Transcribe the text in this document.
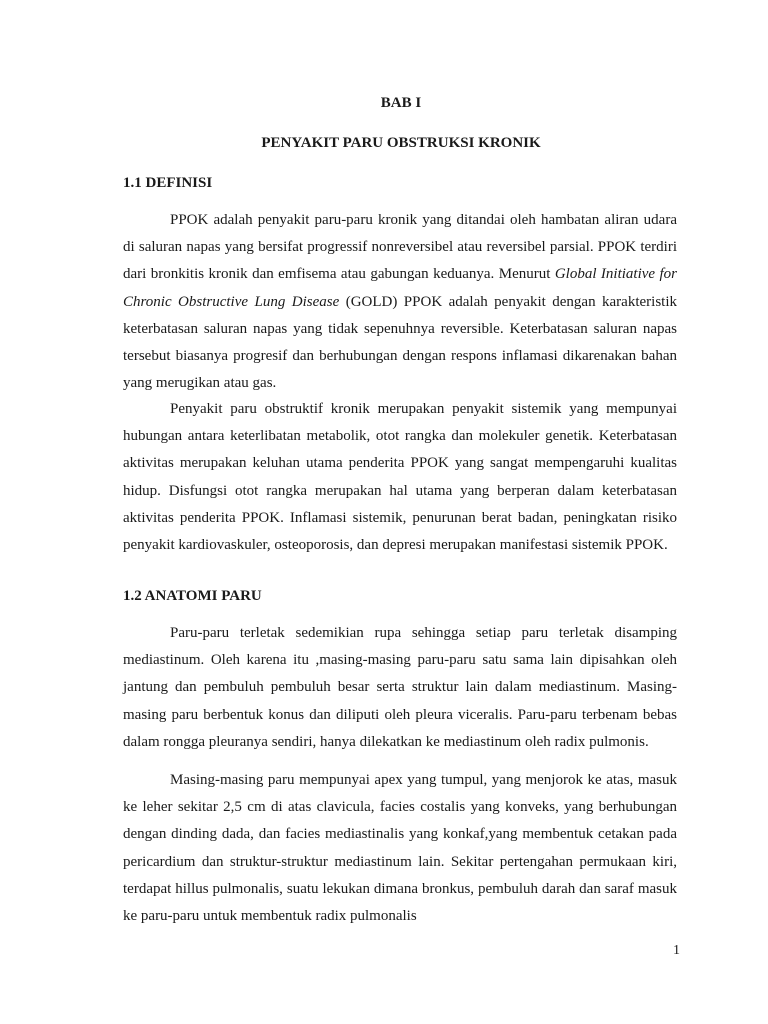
BAB I
PENYAKIT PARU OBSTRUKSI KRONIK
1.1 DEFINISI

PPOK adalah penyakit paru-paru kronik yang ditandai oleh hambatan aliran udara di saluran napas yang bersifat progressif nonreversibel atau reversibel parsial. PPOK terdiri dari bronkitis kronik dan emfisema atau gabungan keduanya. Menurut Global Initiative for Chronic Obstructive Lung Disease (GOLD) PPOK adalah penyakit dengan karakteristik keterbatasan saluran napas yang tidak sepenuhnya reversible. Keterbatasan saluran napas tersebut biasanya progresif dan berhubungan dengan respons inflamasi dikarenakan bahan yang merugikan atau gas.

Penyakit paru obstruktif kronik merupakan penyakit sistemik yang mempunyai hubungan antara keterlibatan metabolik, otot rangka dan molekuler genetik. Keterbatasan aktivitas merupakan keluhan utama penderita PPOK yang sangat mempengaruhi kualitas hidup. Disfungsi otot rangka merupakan hal utama yang berperan dalam keterbatasan aktivitas penderita PPOK. Inflamasi sistemik, penurunan berat badan, peningkatan risiko penyakit kardiovaskuler, osteoporosis, dan depresi merupakan manifestasi sistemik PPOK.

1.2 ANATOMI PARU

Paru-paru terletak sedemikian rupa sehingga setiap paru terletak disamping mediastinum. Oleh karena itu ,masing-masing paru-paru satu sama lain dipisahkan oleh jantung dan pembuluh pembuluh besar serta struktur lain dalam mediastinum. Masing-masing paru berbentuk konus dan diliputi oleh pleura viceralis. Paru-paru terbenam bebas dalam rongga pleuranya sendiri, hanya dilekatkan ke mediastinum oleh radix pulmonis.

Masing-masing paru mempunyai apex yang tumpul, yang menjorok ke atas, masuk ke leher sekitar 2,5 cm di atas clavicula, facies costalis yang konveks, yang berhubungan dengan dinding dada, dan facies mediastinalis yang konkaf,yang membentuk cetakan pada pericardium dan struktur-struktur mediastinum lain. Sekitar pertengahan permukaan kiri, terdapat hillus pulmonalis, suatu lekukan dimana bronkus, pembuluh darah dan saraf masuk ke paru-paru untuk membentuk radix pulmonalis

1
